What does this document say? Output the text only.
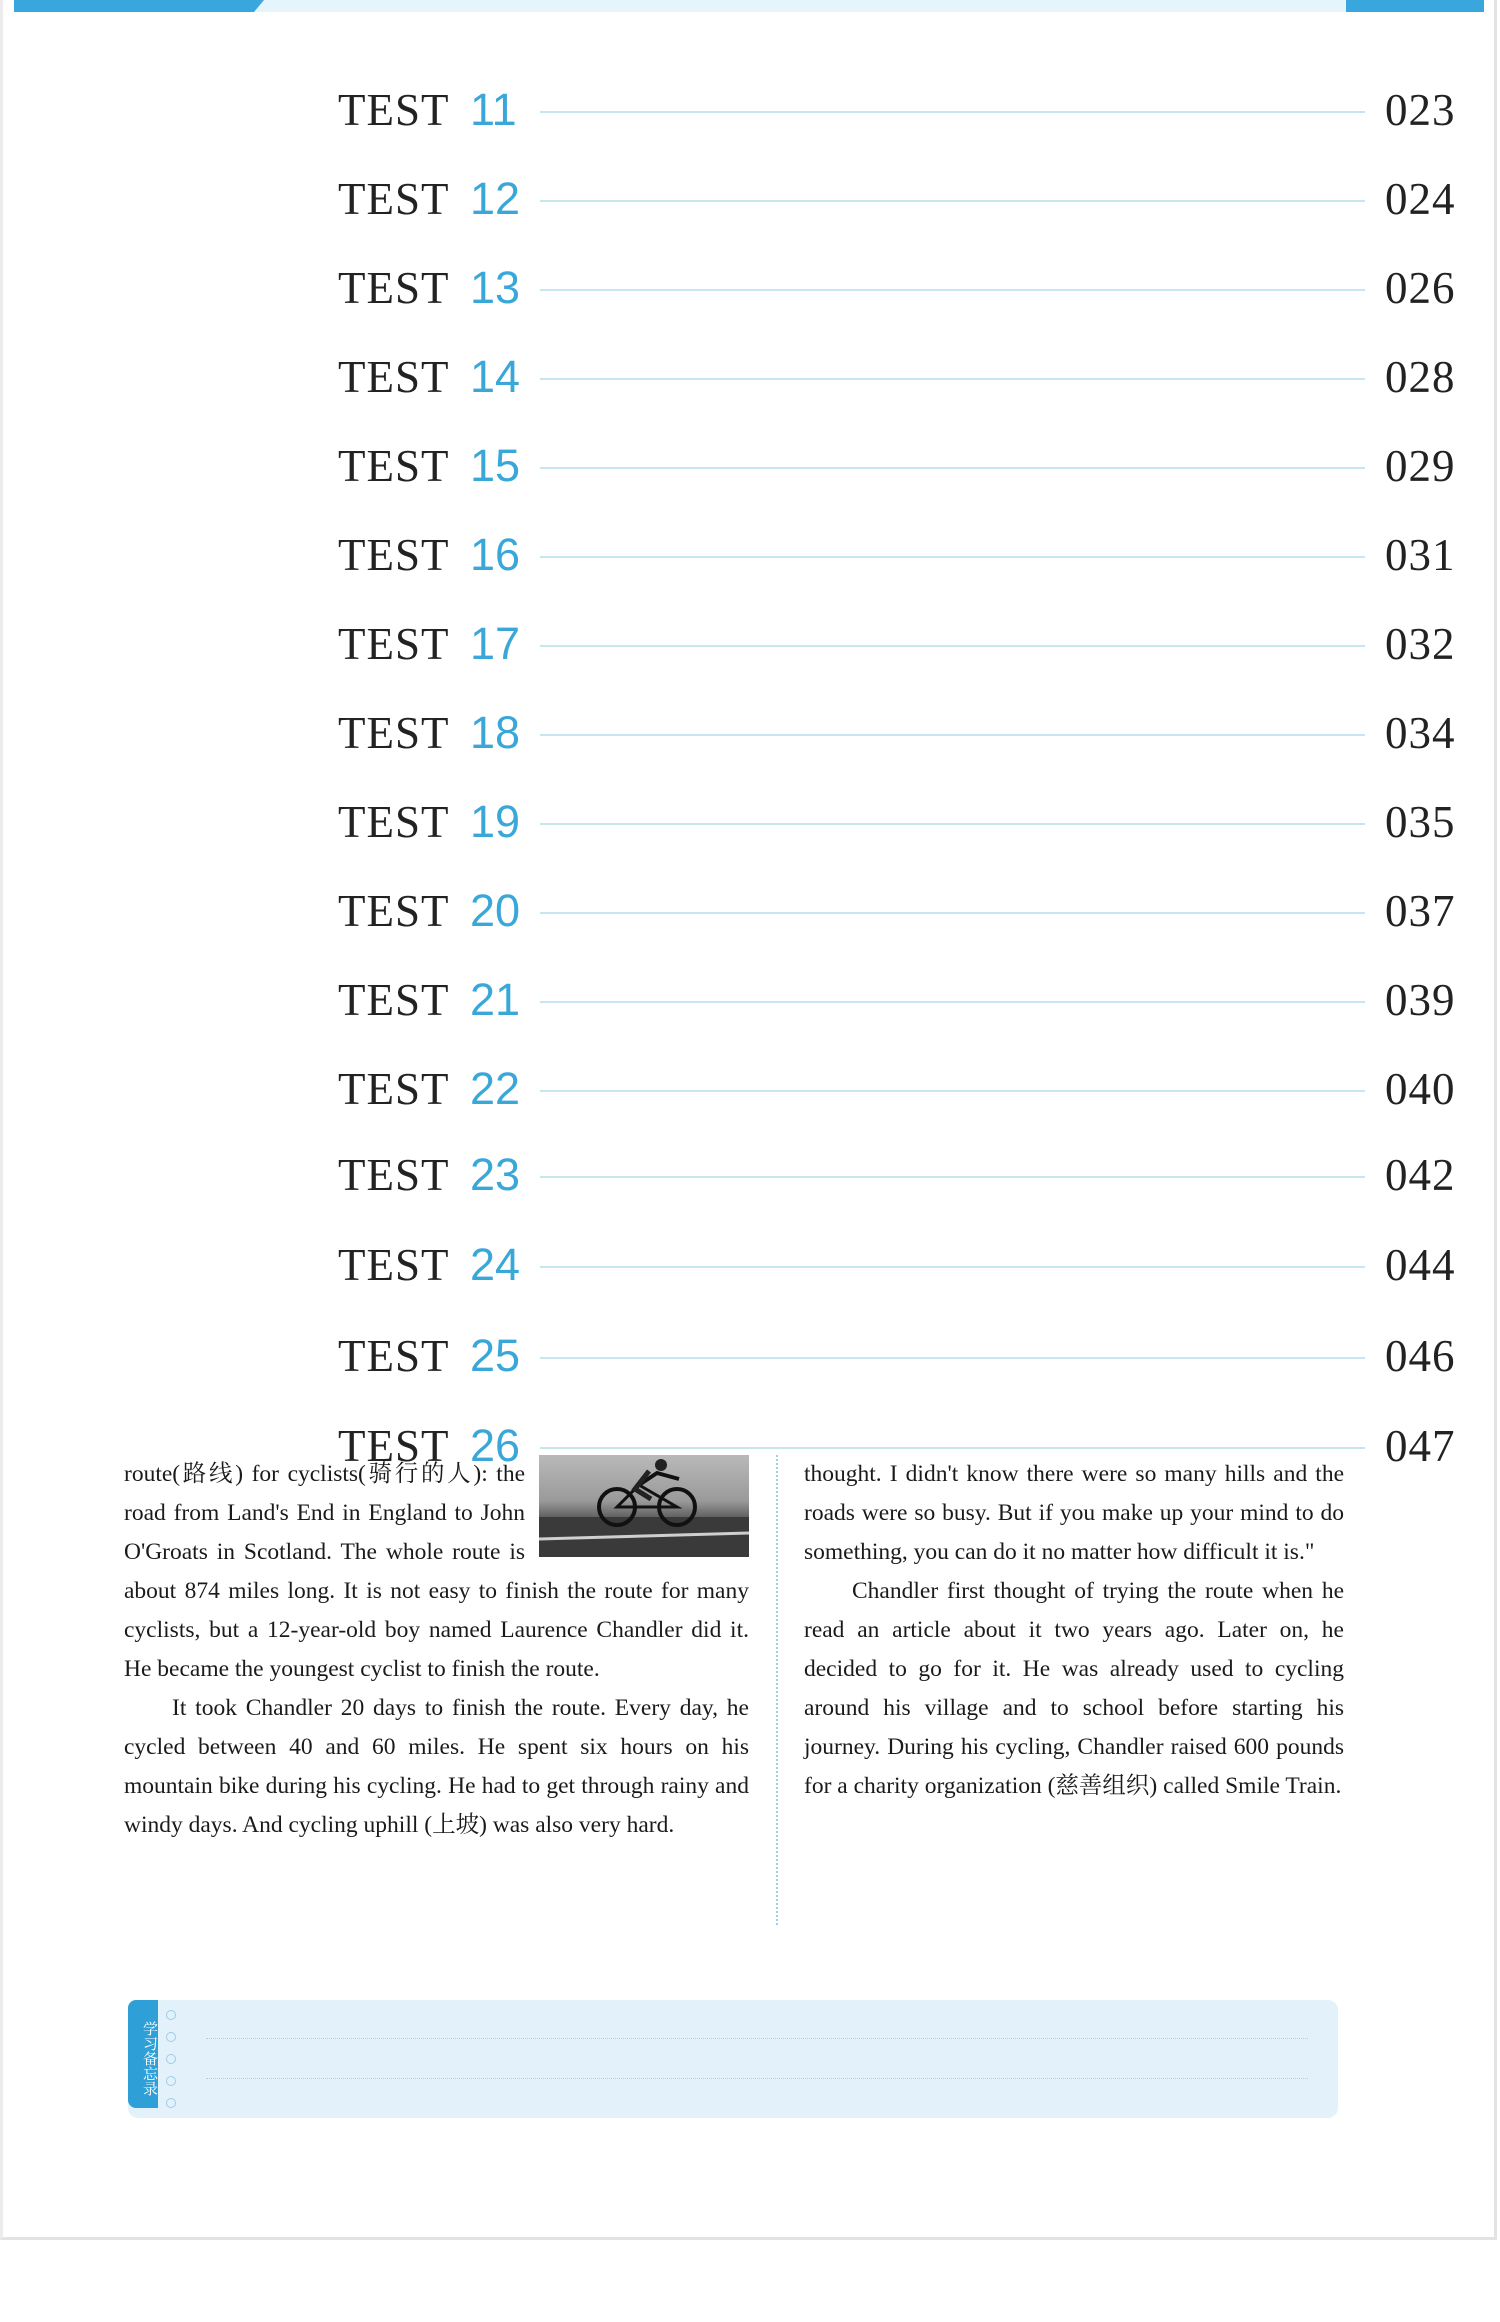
TEST 11	023
TEST 12	024
TEST 13	026
TEST 14	028
TEST 15	029
TEST 16	031
TEST 17	032
TEST 18	034
TEST 19	035
TEST 20	037
TEST 21	039
TEST 22	040
TEST 23	042
TEST 24	044
TEST 25	046
TEST 26	047

route(路线) for cyclists(骑行的人): the road from Land's End in England to John O'Groats in Scotland. The whole route is about 874 miles long. It is not easy to finish the route for many cyclists, but a 12-year-old boy named Laurence Chandler did it. He became the youngest cyclist to finish the route.

It took Chandler 20 days to finish the route. Every day, he cycled between 40 and 60 miles. He spent six hours on his mountain bike during his cycling. He had to get through rainy and windy days. And cycling uphill (上坡) was also very hard.

thought. I didn't know there were so many hills and the roads were so busy. But if you make up your mind to do something, you can do it no matter how difficult it is."

Chandler first thought of trying the route when he read an article about it two years ago. Later on, he decided to go for it. He was already used to cycling around his village and to school before starting his journey. During his cycling, Chandler raised 600 pounds for a charity organization (慈善组织) called Smile Train.

学习备忘录
